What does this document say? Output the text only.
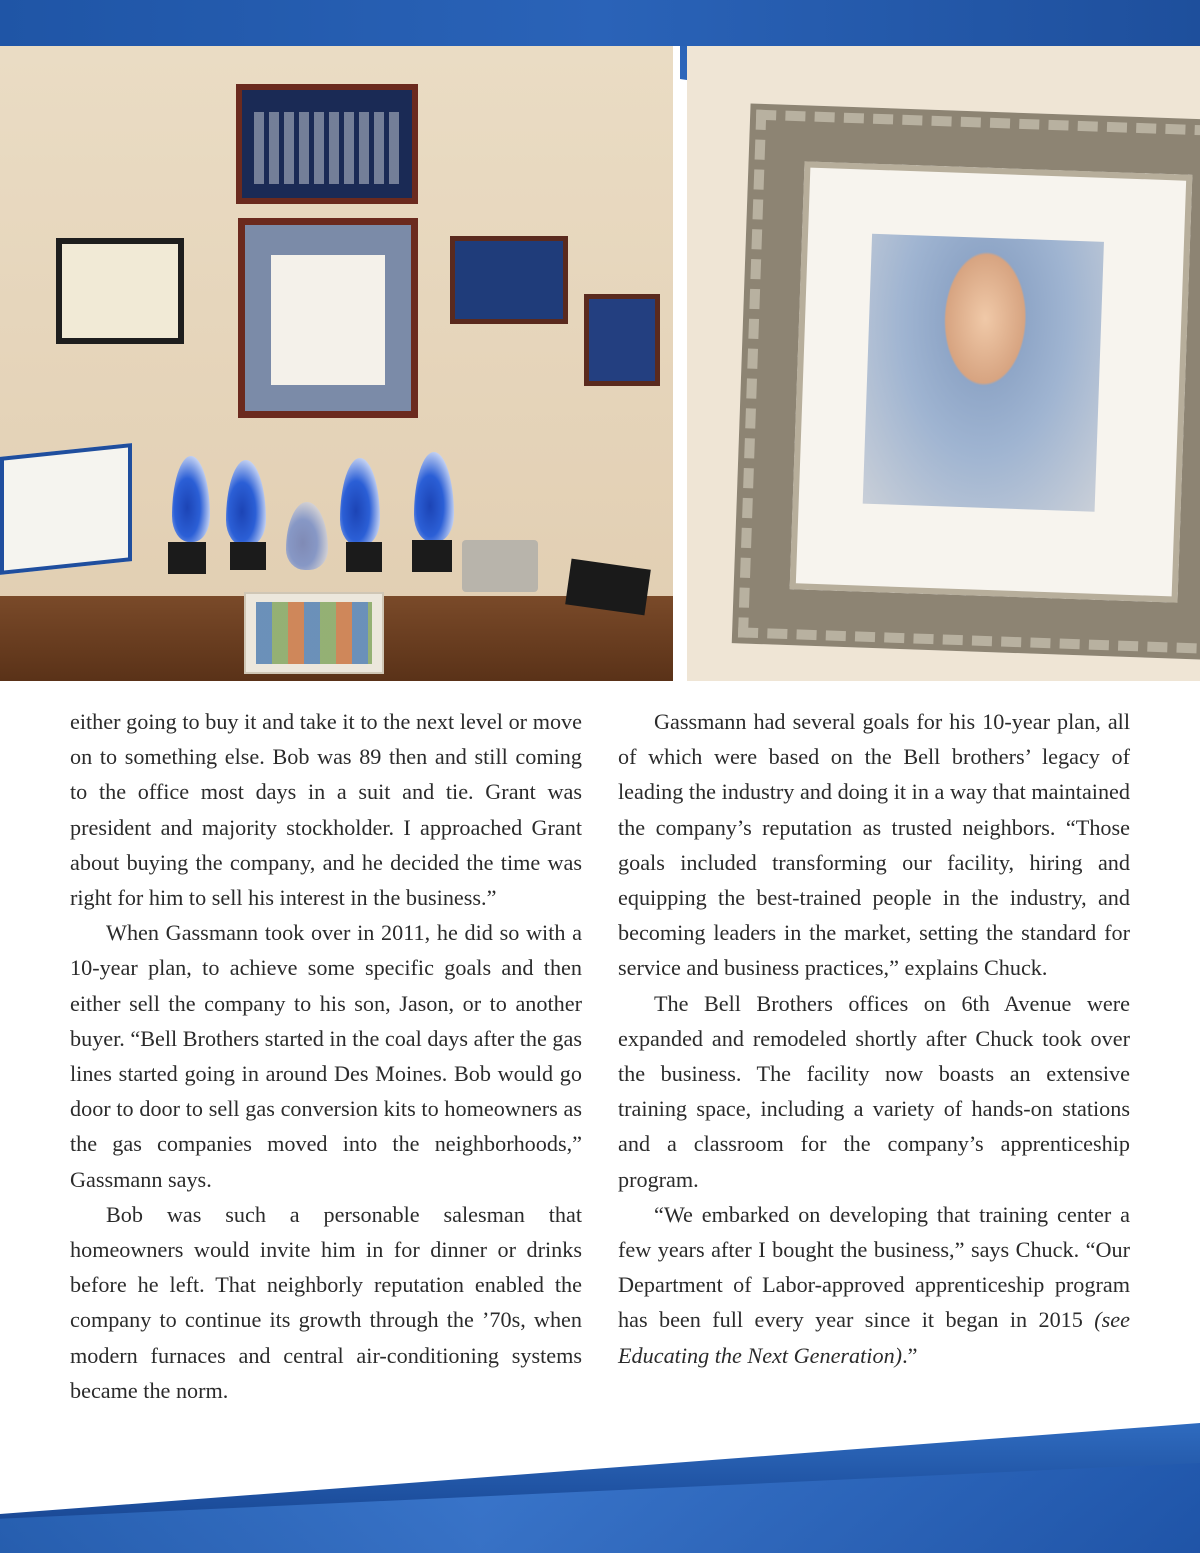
either going to buy it and take it to the next level or move on to something else. Bob was 89 then and still coming to the office most days in a suit and tie. Grant was president and majority stockholder. I approached Grant about buying the company, and he decided the time was right for him to sell his interest in the business.”

When Gassmann took over in 2011, he did so with a 10-year plan, to achieve some specific goals and then either sell the company to his son, Jason, or to another buyer. “Bell Brothers started in the coal days after the gas lines started going in around Des Moines. Bob would go door to door to sell gas conversion kits to homeowners as the gas companies moved into the neighborhoods,” Gassmann says.

Bob was such a personable salesman that homeowners would invite him in for dinner or drinks before he left. That neighborly reputation enabled the company to continue its growth through the ’70s, when modern furnaces and central air-conditioning systems became the norm.

Gassmann had several goals for his 10-year plan, all of which were based on the Bell brothers’ legacy of leading the industry and doing it in a way that maintained the company’s reputation as trusted neighbors. “Those goals included transforming our facility, hiring and equipping the best-trained people in the industry, and becoming leaders in the market, setting the standard for service and business practices,” explains Chuck.

The Bell Brothers offices on 6th Avenue were expanded and remodeled shortly after Chuck took over the business. The facility now boasts an extensive training space, including a variety of hands-on stations and a classroom for the company’s apprenticeship program.

“We embarked on developing that training center a few years after I bought the business,” says Chuck. “Our Department of Labor-approved apprenticeship program has been full every year since it began in 2015 (see Educating the Next Generation).”
